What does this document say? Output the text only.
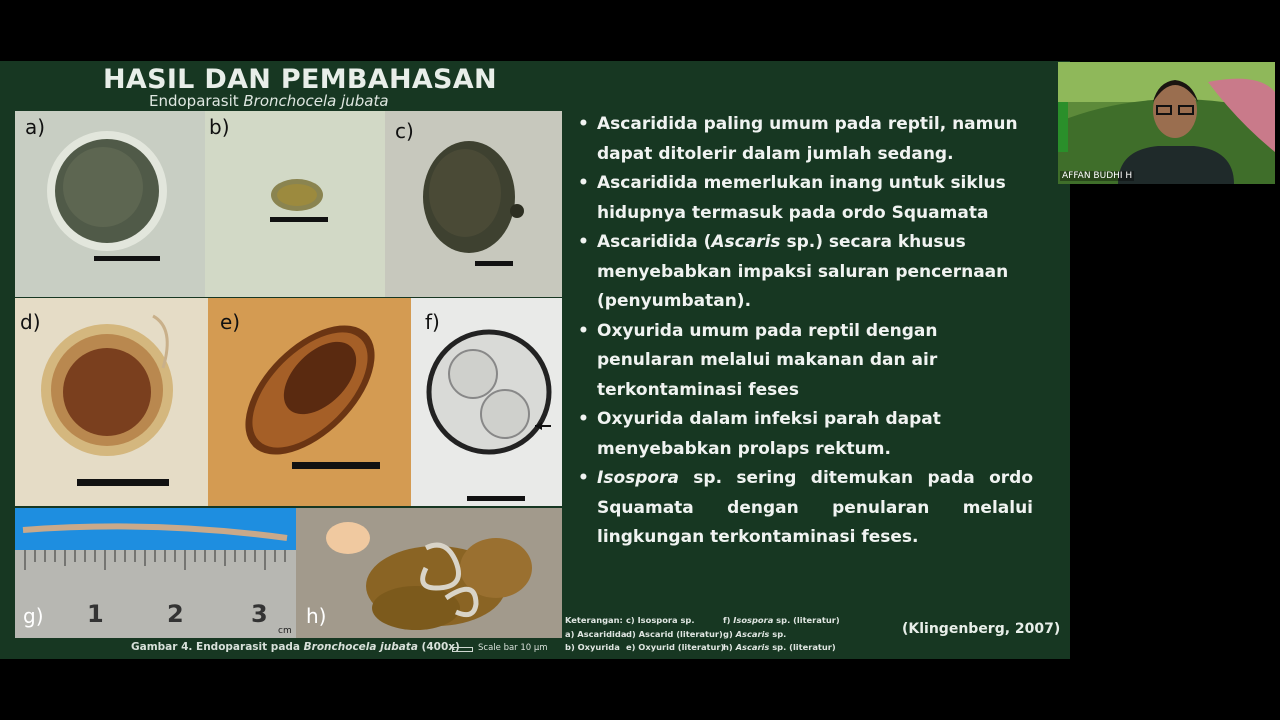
HASIL DAN PEMBAHASAN
Endoparasit Bronchocela jubata
a)	b)	c)
d)	e)	f)
1	2	3
cm
g)	h)
Gambar 4. Endoparasit pada Bronchocela jubata (400x) Scale bar 10 μm
Keterangan:
a) Ascaridida
b) Oxyurida
c) Isospora sp.
d) Ascarid (literatur)
e) Oxyurid (literatur)
f) Isospora sp. (literatur)
g) Ascaris sp.
h) Ascaris sp. (literatur)
• Ascaridida paling umum pada reptil, namun dapat ditolerir dalam jumlah sedang.
• Ascaridida memerlukan inang untuk siklus hidupnya termasuk pada ordo Squamata
• Ascaridida (Ascaris sp.) secara khusus menyebabkan impaksi saluran pencernaan (penyumbatan).
• Oxyurida umum pada reptil dengan penularan melalui makanan dan air terkontaminasi feses
• Oxyurida dalam infeksi parah dapat menyebabkan prolaps rektum.
• Isospora sp. sering ditemukan pada ordo
Squamata dengan penularan melalui
lingkungan terkontaminasi feses.
(Klingenberg, 2007)
AFFAN BUDHI H
